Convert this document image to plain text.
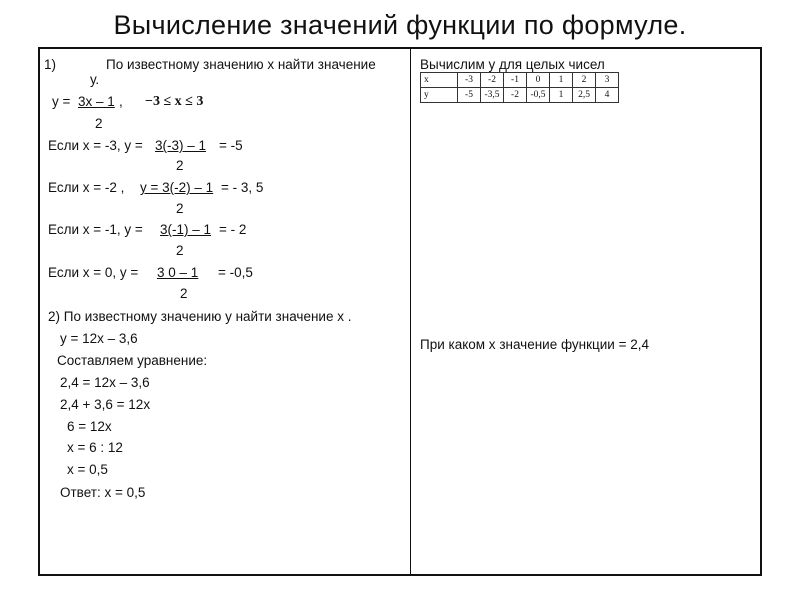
Вычисление значений функции по формуле.
1)	По известному значению х найти значение
у.
у = 3х – 1 , −3 ≤ x ≤ 3
2
Если х = -3, у = 3(-3) – 1 = -5
2
Если х = -2 , у = 3(-2) – 1 = - 3, 5
2
Если х = -1, у = 3(-1) – 1 = - 2
2
Если х = 0, у = 3 0 – 1 = -0,5
2
2) По известному значению у найти значение х .
у = 12х – 3,6
Составляем уравнение:
2,4 = 12х – 3,6
2,4 + 3,6 = 12х
6 = 12х
х = 6 : 12
х = 0,5
Ответ: х = 0,5
Вычислим у для целых чисел
x	-3	-2	-1	0	1	2	3
y	-5	-3,5	-2	-0,5	1	2,5	4
При каком х значение функции = 2,4
